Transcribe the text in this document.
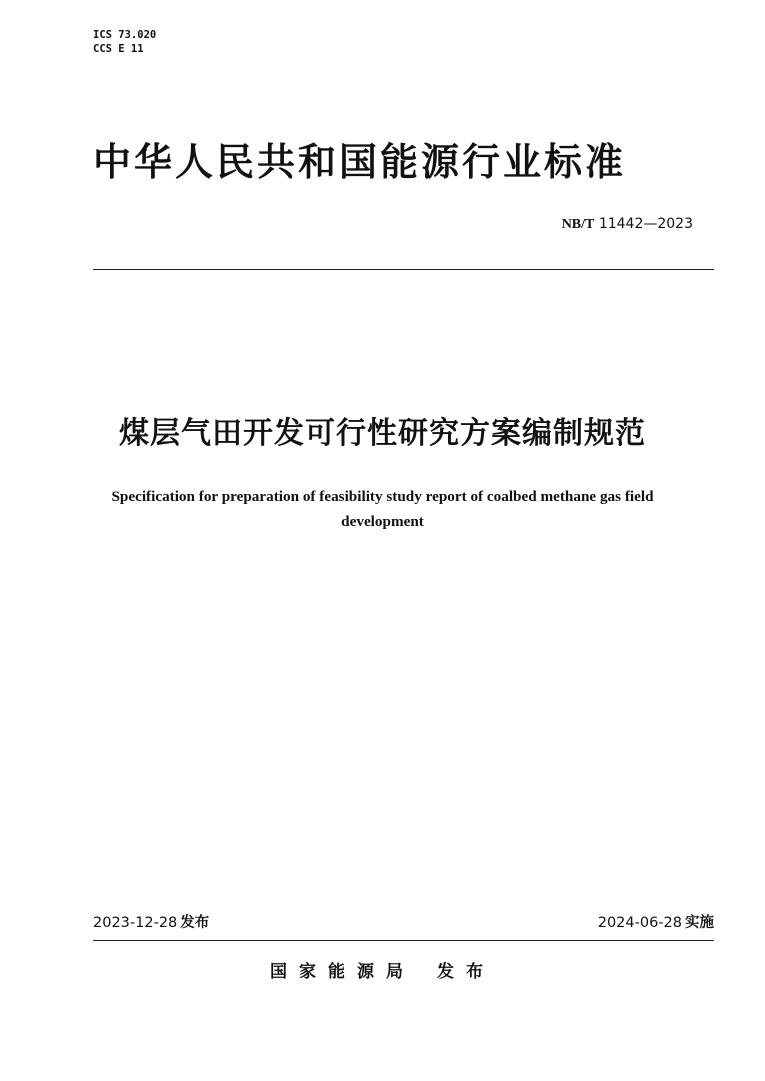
ICS 73.020
CCS E 11
中华人民共和国能源行业标准
NB/T 11442—2023
煤层气田开发可行性研究方案编制规范
Specification for preparation of feasibility study report of coalbed methane gas field development
2023-12-28 发布	2024-06-28 实施
国家能源局 发布
